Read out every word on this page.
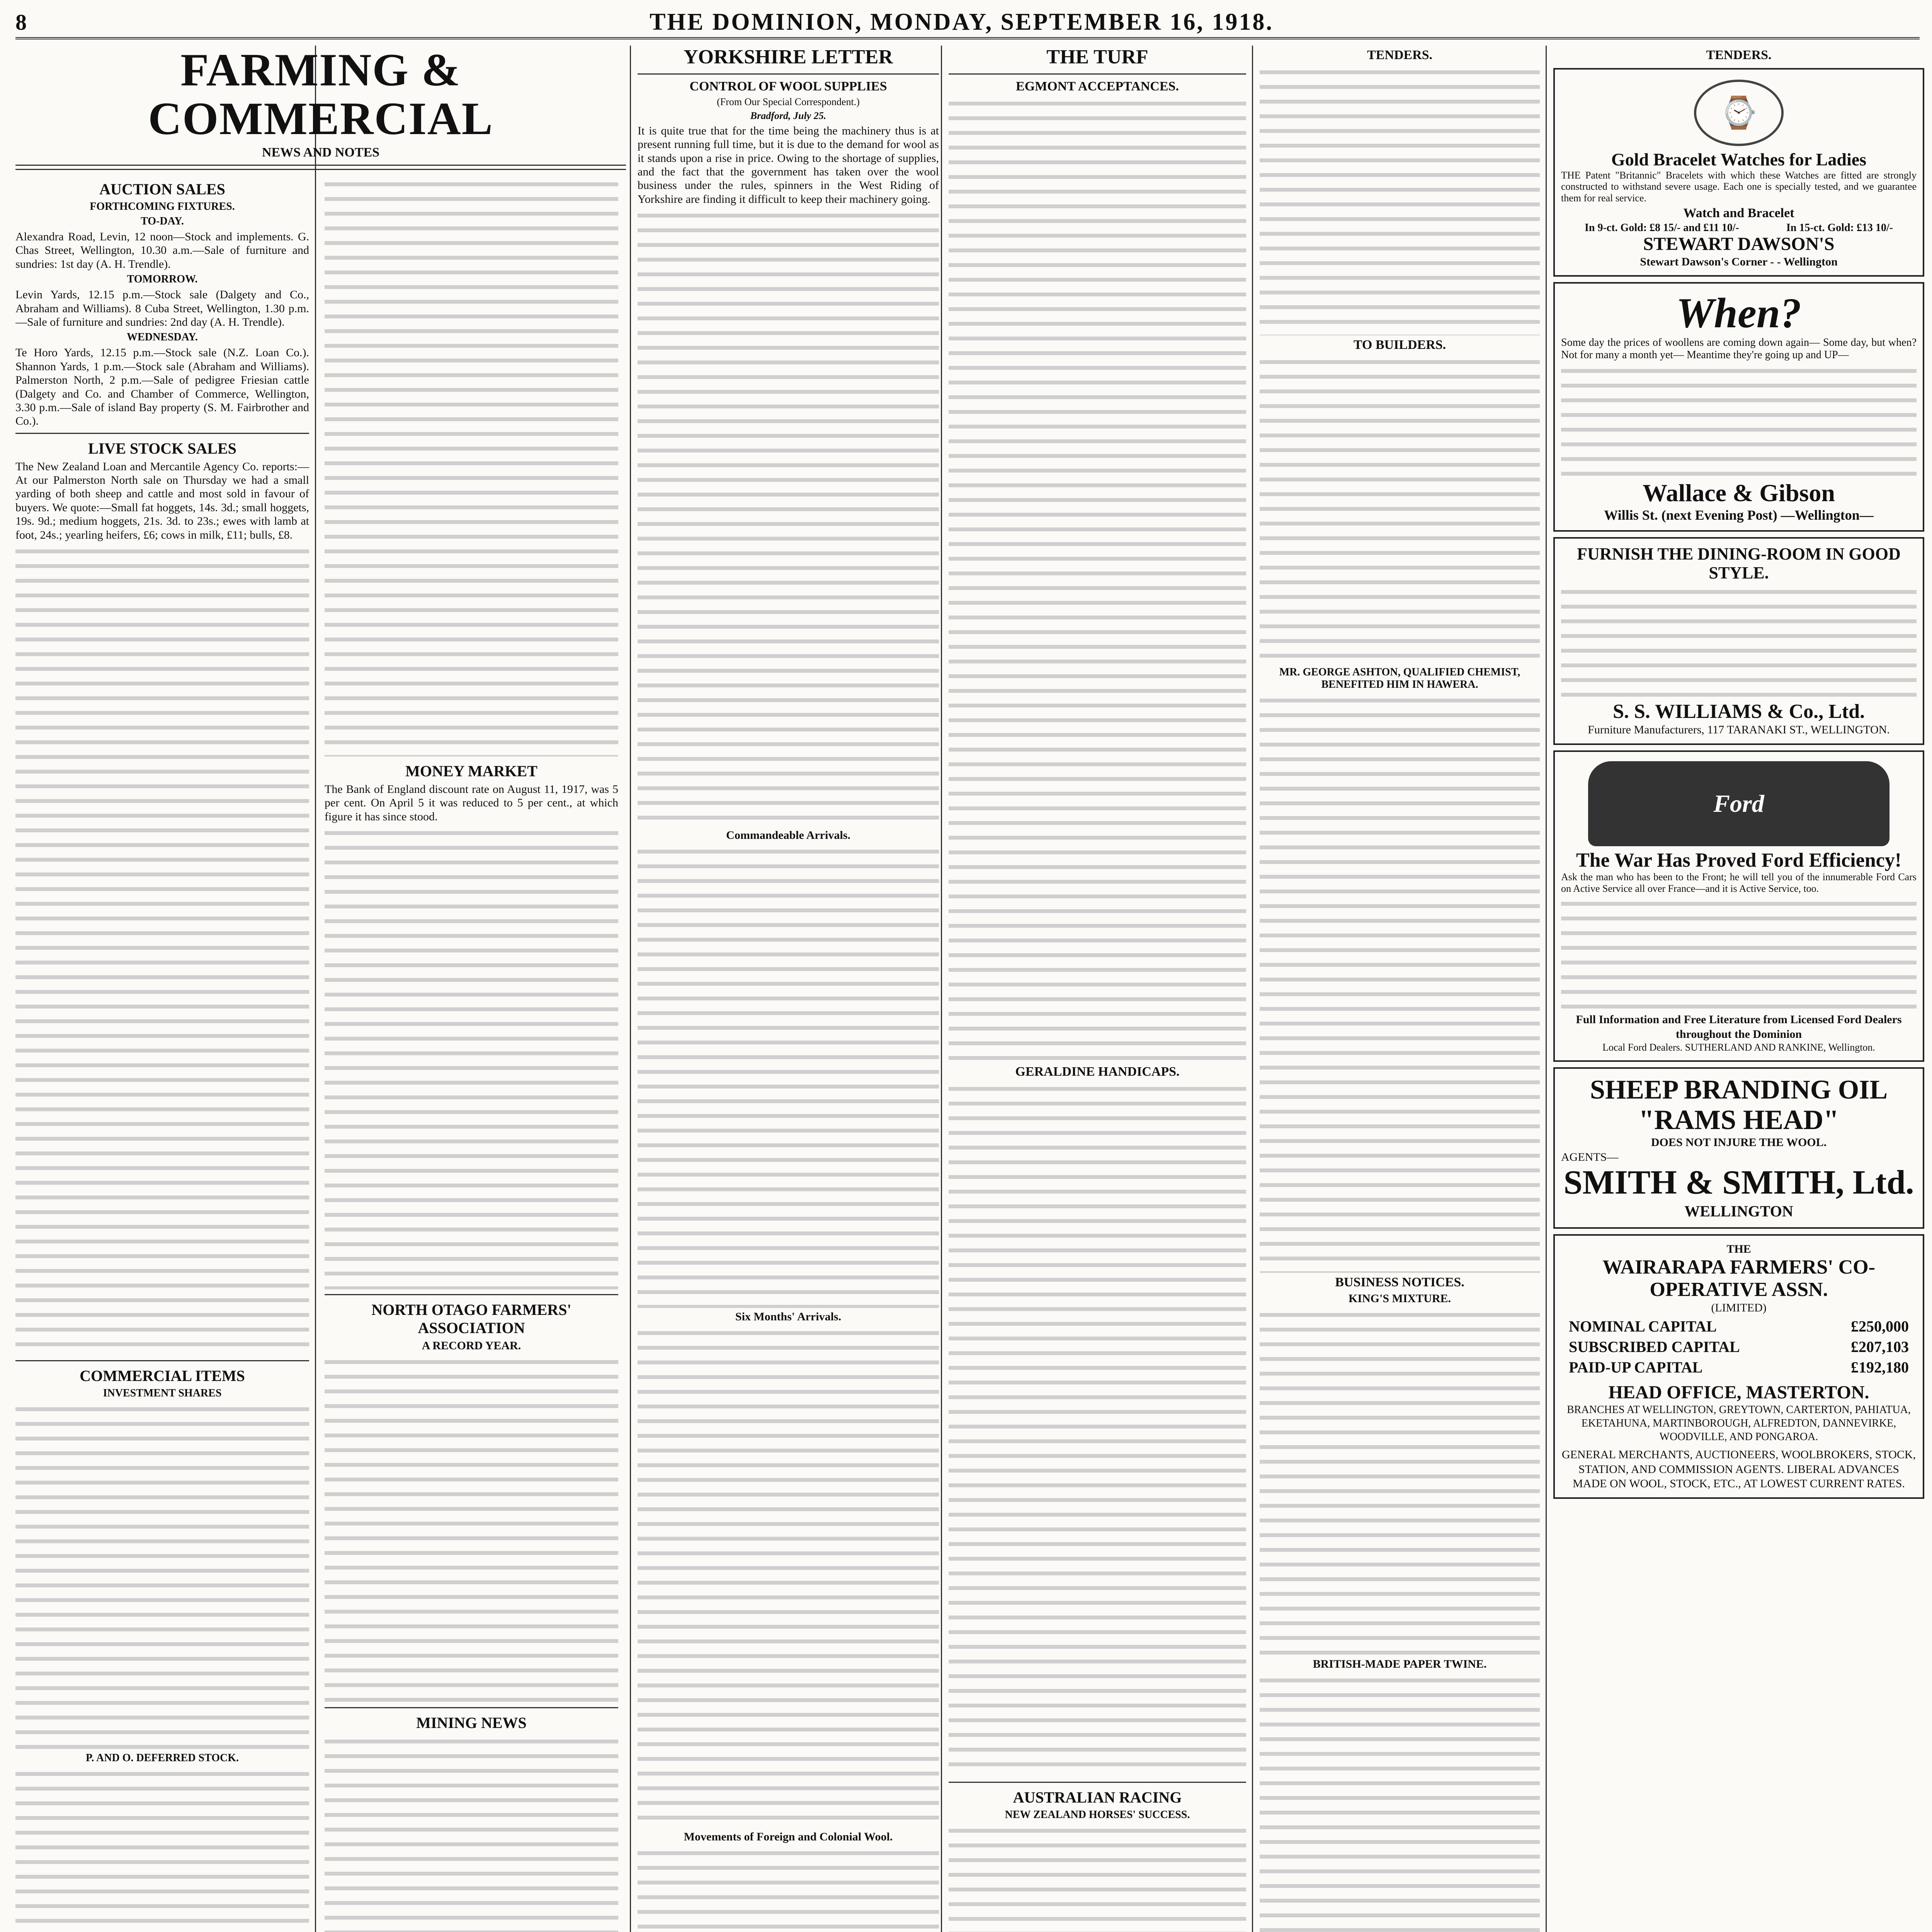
8	THE DOMINION, MONDAY, SEPTEMBER 16, 1918.
FARMING & COMMERCIAL
NEWS AND NOTES
AUCTION SALES
FORTHCOMING FIXTURES.
TO-DAY.

Alexandra Road, Levin, 12 noon—Stock and implements. G. Chas Street, Wellington, 10.30 a.m.—Sale of furniture and sundries: 1st day (A. H. Trendle).

TOMORROW.

Levin Yards, 12.15 p.m.—Stock sale (Dalgety and Co., Abraham and Williams). 8 Cuba Street, Wellington, 1.30 p.m.—Sale of furniture and sundries: 2nd day (A. H. Trendle).

WEDNESDAY.

Te Horo Yards, 12.15 p.m.—Stock sale (N.Z. Loan Co.). Shannon Yards, 1 p.m.—Stock sale (Abraham and Williams). Palmerston North, 2 p.m.—Sale of pedigree Friesian cattle (Dalgety and Co. and Chamber of Commerce, Wellington, 3.30 p.m.—Sale of island Bay property (S. M. Fairbrother and Co.).

LIVE STOCK SALES

The New Zealand Loan and Mercantile Agency Co. reports:—At our Palmerston North sale on Thursday we had a small yarding of both sheep and cattle and most sold in favour of buyers. We quote:—Small fat hoggets, 14s. 3d.; small hoggets, 19s. 9d.; medium hoggets, 21s. 3d. to 23s.; ewes with lamb at foot, 24s.; yearling heifers, £6; cows in milk, £11; bulls, £8.

COMMERCIAL ITEMS
INVESTMENT SHARES
P. AND O. DEFERRED STOCK.
MONEY MARKET

The Bank of England discount rate on August 11, 1917, was 5 per cent. On April 5 it was reduced to 5 per cent., at which figure it has since stood.

NORTH OTAGO FARMERS' ASSOCIATION
A RECORD YEAR.
MINING NEWS
YORKSHIRE LETTER
CONTROL OF WOOL SUPPLIES
(From Our Special Correspondent.)
Bradford, July 25.

It is quite true that for the time being the machinery thus is at present running full time, but it is due to the demand for wool as it stands upon a rise in price. Owing to the shortage of supplies, and the fact that the government has taken over the wool business under the rules, spinners in the West Riding of Yorkshire are finding it difficult to keep their machinery going.

Commandeable Arrivals.
Six Months' Arrivals.
Movements of Foreign and Colonial Wool.
THE TURF
EGMONT ACCEPTANCES.
GERALDINE HANDICAPS.
AUSTRALIAN RACING
NEW ZEALAND HORSES' SUCCESS.
TENDERS.
TO BUILDERS.
MR. GEORGE ASHTON, QUALIFIED CHEMIST, BENEFITED HIM IN HAWERA.
BUSINESS NOTICES.
KING'S MIXTURE.
BRITISH-MADE PAPER TWINE.
TENDERS.
⌚
Gold Bracelet Watches for Ladies

THE Patent "Britannic" Bracelets with which these Watches are fitted are strongly constructed to withstand severe usage. Each one is specially tested, and we guarantee them for real service.

Watch and Bracelet
In 9-ct. Gold: £8 15/- and £11 10/-	In 15-ct. Gold: £13 10/-
STEWART DAWSON'S
Stewart Dawson's Corner - - Wellington
When?

Some day the prices of woollens are coming down again— Some day, but when? Not for many a month yet— Meantime they're going up and UP—

Wallace & Gibson
Willis St. (next Evening Post) —Wellington—
FURNISH THE DINING-ROOM IN GOOD STYLE.
S. S. WILLIAMS & Co., Ltd.
Furniture Manufacturers, 117 TARANAKI ST., WELLINGTON.
Ford
The War Has Proved Ford Efficiency!

Ask the man who has been to the Front; he will tell you of the innumerable Ford Cars on Active Service all over France—and it is Active Service, too.

Full Information and Free Literature from Licensed Ford Dealers throughout the Dominion
Local Ford Dealers. SUTHERLAND AND RANKINE, Wellington.
SHEEP BRANDING OIL
"RAMS HEAD"
DOES NOT INJURE THE WOOL.
AGENTS—
SMITH & SMITH, Ltd.
WELLINGTON
THE
WAIRARAPA FARMERS' CO-OPERATIVE ASSN.
(LIMITED)
NOMINAL CAPITAL	£250,000
SUBSCRIBED CAPITAL	£207,103
PAID-UP CAPITAL	£192,180
HEAD OFFICE, MASTERTON.
BRANCHES AT WELLINGTON, GREYTOWN, CARTERTON, PAHIATUA, EKETAHUNA, MARTINBOROUGH, ALFREDTON, DANNEVIRKE, WOODVILLE, AND PONGAROA.
GENERAL MERCHANTS, AUCTIONEERS, WOOLBROKERS, STOCK, STATION, AND COMMISSION AGENTS. LIBERAL ADVANCES MADE ON WOOL, STOCK, ETC., AT LOWEST CURRENT RATES.
